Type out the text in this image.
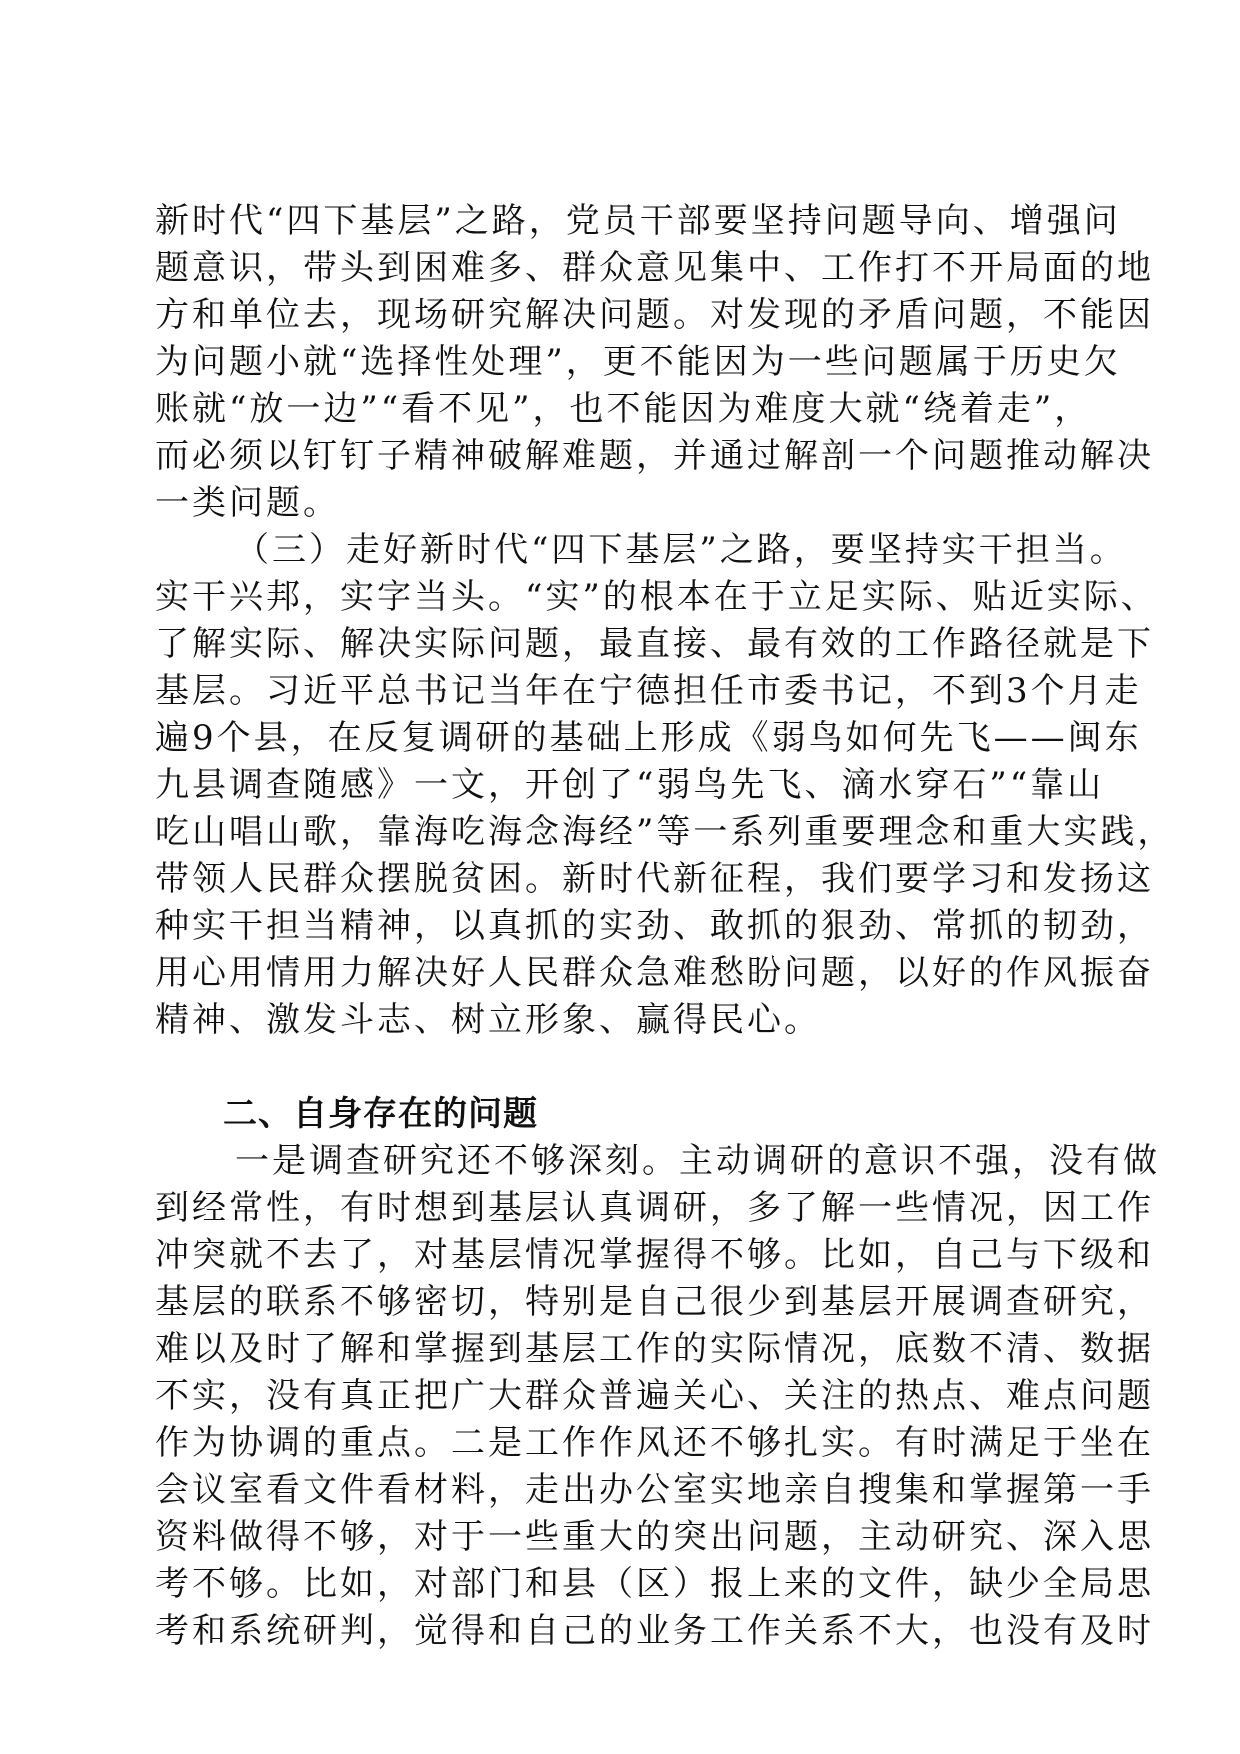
新时代“四下基层”之路，党员干部要坚持问题导向、增强问
题意识，带头到困难多、群众意见集中、工作打不开局面的地
方和单位去，现场研究解决问题。对发现的矛盾问题，不能因
为问题小就“选择性处理”，更不能因为一些问题属于历史欠
账就“放一边”“看不见”，也不能因为难度大就“绕着走”，
而必须以钉钉子精神破解难题，并通过解剖一个问题推动解决
一类问题。
（三）走好新时代“四下基层”之路，要坚持实干担当。
实干兴邦，实字当头。“实”的根本在于立足实际、贴近实际、
了解实际、解决实际问题，最直接、最有效的工作路径就是下
基层。习近平总书记当年在宁德担任市委书记，不到3个月走
遍9个县，在反复调研的基础上形成《弱鸟如何先飞——闽东
九县调查随感》一文，开创了“弱鸟先飞、滴水穿石”“靠山
吃山唱山歌，靠海吃海念海经”等一系列重要理念和重大实践，
带领人民群众摆脱贫困。新时代新征程，我们要学习和发扬这
种实干担当精神，以真抓的实劲、敢抓的狠劲、常抓的韧劲，
用心用情用力解决好人民群众急难愁盼问题，以好的作风振奋
精神、激发斗志、树立形象、赢得民心。
二、自身存在的问题
一是调查研究还不够深刻。主动调研的意识不强，没有做
到经常性，有时想到基层认真调研，多了解一些情况，因工作
冲突就不去了，对基层情况掌握得不够。比如，自己与下级和
基层的联系不够密切，特别是自己很少到基层开展调查研究，
难以及时了解和掌握到基层工作的实际情况，底数不清、数据
不实，没有真正把广大群众普遍关心、关注的热点、难点问题
作为协调的重点。二是工作作风还不够扎实。有时满足于坐在
会议室看文件看材料，走出办公室实地亲自搜集和掌握第一手
资料做得不够，对于一些重大的突出问题，主动研究、深入思
考不够。比如，对部门和县（区）报上来的文件，缺少全局思
考和系统研判，觉得和自己的业务工作关系不大，也没有及时
